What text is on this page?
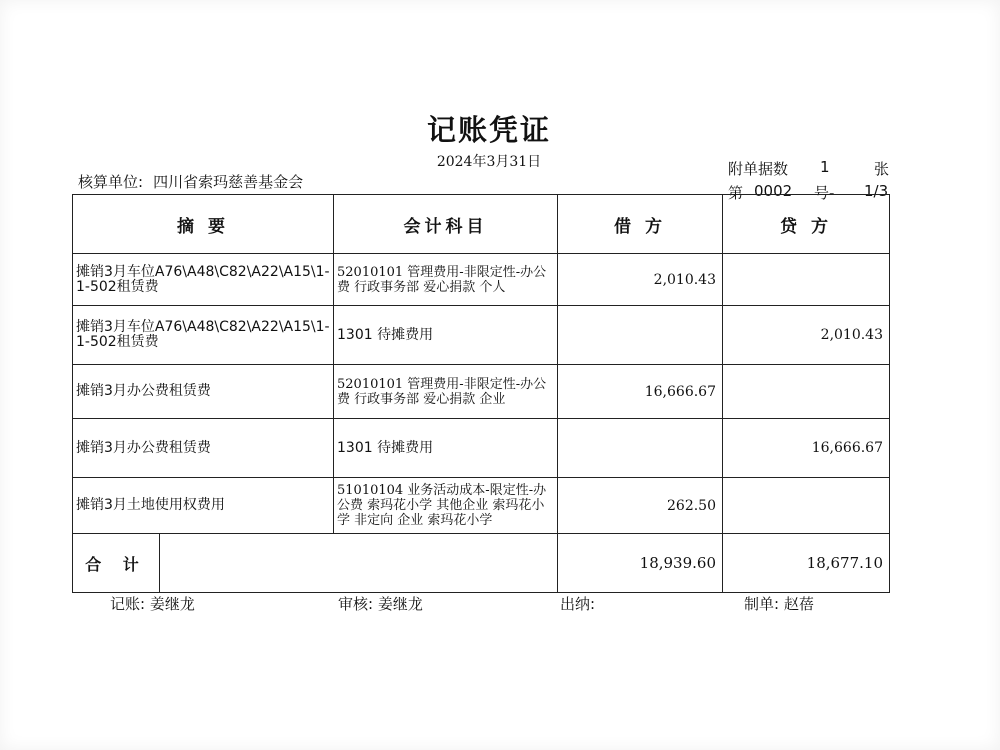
记账凭证
2024年3月31日
核算单位: 四川省索玛慈善基金会
附单据数 1	张
第 0002 号- 1/3
摘 要	会计科目	借 方	贷 方
摊销3月车位A76\A48\C82\A22\A15\1-1-502租赁费	52010101 管理费用-非限定性-办公费 行政事务部 爱心捐款 个人	2,010.43	
摊销3月车位A76\A48\C82\A22\A15\1-1-502租赁费	1301 待摊费用		2,010.43
摊销3月办公费租赁费	52010101 管理费用-非限定性-办公费 行政事务部 爱心捐款 企业	16,666.67	
摊销3月办公费租赁费	1301 待摊费用		16,666.67
摊销3月土地使用权费用	51010104 业务活动成本-限定性-办公费 索玛花小学 其他企业 索玛花小学 非定向 企业 索玛花小学	262.50	

合 计		18,939.60	18,677.10
记账: 姜继龙	审核: 姜继龙	出纳:	制单: 赵蓓
